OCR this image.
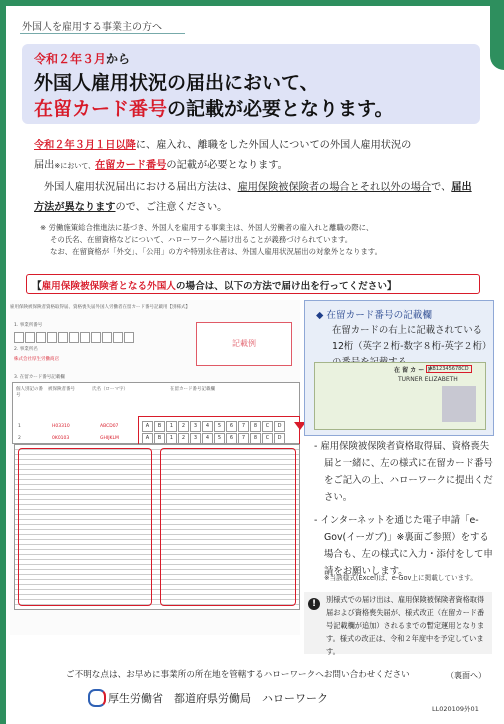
外国人を雇用する事業主の方へ
令和２年３月から
外国人雇用状況の届出において、
在留カード番号の記載が必要となります。
令和２年３月１日以降に、雇入れ、離職をした外国人についての外国人雇用状況の
届出※において、在留カード番号の記載が必要となります。
外国人雇用状況届出における届出方法は、雇用保険被保険者の場合とそれ以外の場合で、届出方法が異なりますので、ご注意ください。
※ 労働施策総合推進法に基づき、外国人を雇用する事業主は、外国人労働者の雇入れと離職の際に、
その氏名、在留資格などについて、ハローワークへ届け出ることが義務づけられています。
なお、在留資格が「外交」、「公用」の方や特別永住者は、外国人雇用状況届出の対象外となります。
【雇用保険被保険者となる外国人の場合は、以下の方法で届け出を行ってください】
雇用保険被保険者資格取得届、資格喪失届外国人労働者在留カード番号記載用【別様式】
1. 事業所番号
2. 事業所名
株式会社厚生労働商店
記載例
3. 在留カード番号記載欄
個人別記の番号
被保険者番号	氏名（ローマ字）	在留カード番号記載欄
1	H03310	ABCD07
2	0K0103	GHIJKLM
A	B	1	2	3	4	5	6	7	8	C	D
A	B	1	2	3	4	5	6	7	8	C	D
◆ 在留カード番号の記載欄
在留カードの右上に記載されている12桁（英字２桁-数字８桁-英字２桁）
在 留 カ ー ド
AB12345678CD
TURNER ELIZABETH
- 雇用保険被保険者資格取得届、資格喪失届と一緒に、左の様式に在留カード番号をご記入の上、ハローワークに提出ください。
- インターネットを通じた電子申請「e-Gov(イーガブ)」※裏面ご参照）をする場合も、左の様式に入力・添付をして申請をお願いします。
※当該様式(Excel)は、e-Gov上に掲載しています。
!	別様式での届け出は、雇用保険被保険者資格取得届および資格喪失届が、様式改正（在留カード番号記載欄が追加）されるまでの暫定運用となります。様式の改正は、令和２年度中を予定しています。
ご不明な点は、お早めに事業所の所在地を管轄するハローワークへお問い合わせください	（裏面へ）
厚生労働省　都道府県労働局　ハローワーク
LL020109外01
